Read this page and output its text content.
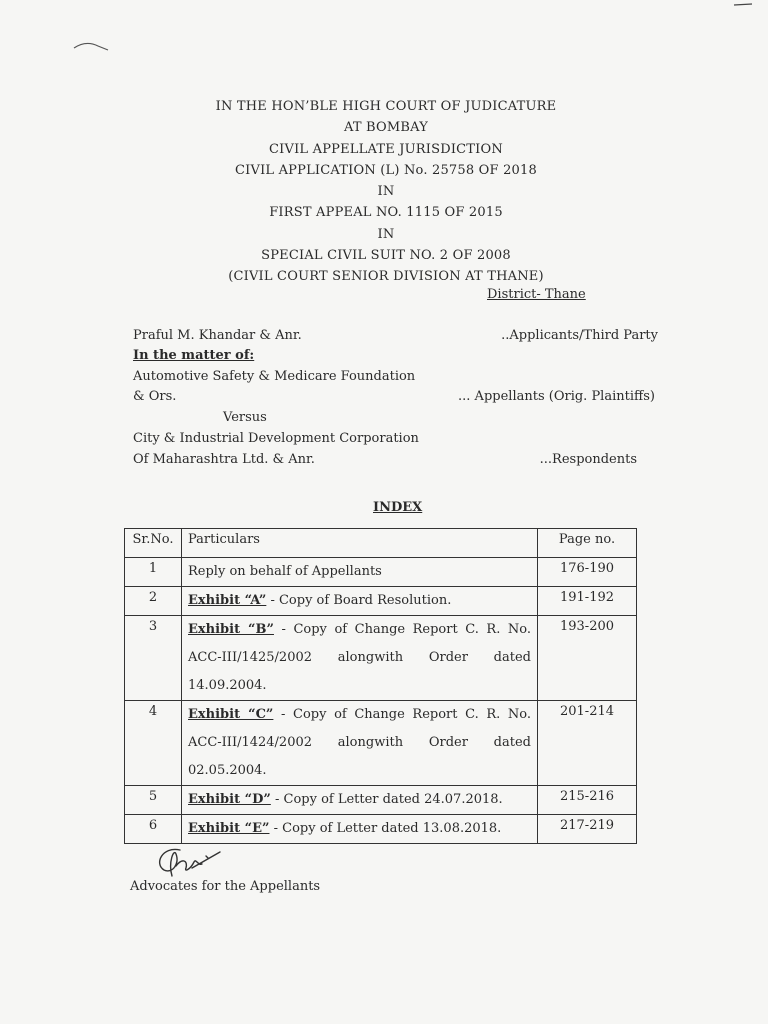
IN THE HON’BLE HIGH COURT OF JUDICATURE
AT BOMBAY
CIVIL APPELLATE JURISDICTION
CIVIL APPLICATION (L) No. 25758 OF 2018
IN
FIRST APPEAL NO. 1115 OF 2015
IN
SPECIAL CIVIL SUIT NO. 2 OF 2008
(CIVIL COURT SENIOR DIVISION AT THANE)
District- Thane
Praful M. Khandar & Anr.	..Applicants/Third Party
In the matter of:
Automotive Safety & Medicare Foundation
& Ors.	... Appellants (Orig. Plaintiffs)
Versus
City & Industrial Development Corporation
Of Maharashtra Ltd. & Anr.	...Respondents
INDEX
Sr.No.	Particulars	Page no.
1	Reply on behalf of Appellants	176-190
2	Exhibit “A” - Copy of Board Resolution.	191-192
3	Exhibit “B” - Copy of Change Report C. R. No. ACC-III/1425/2002 alongwith Order dated 14.09.2004.	193-200
4	Exhibit “C” - Copy of Change Report C. R. No. ACC-III/1424/2002 alongwith Order dated 02.05.2004.	201-214
5	Exhibit “D” - Copy of Letter dated 24.07.2018.	215-216
6	Exhibit “E” - Copy of Letter dated 13.08.2018.	217-219
Advocates for the Appellants
